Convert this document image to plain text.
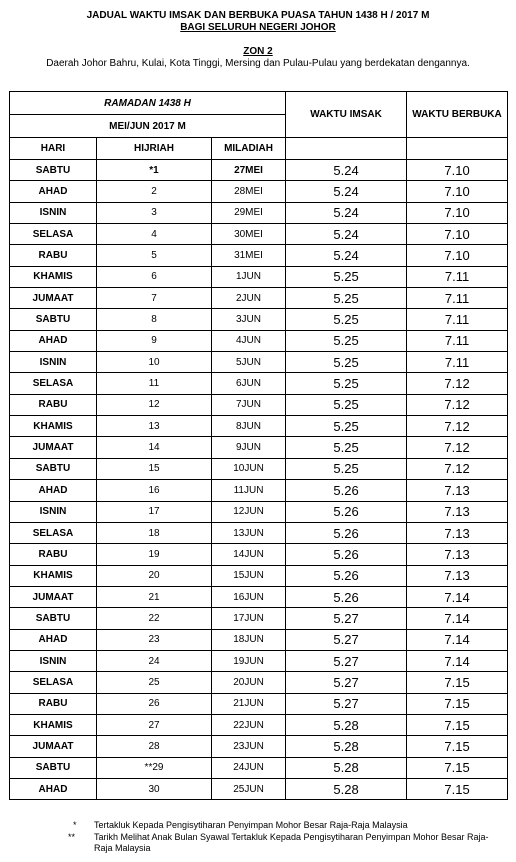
JADUAL WAKTU IMSAK DAN BERBUKA PUASA TAHUN 1438 H / 2017 M
BAGI SELURUH NEGERI JOHOR
ZON 2
Daerah Johor Bahru, Kulai, Kota Tinggi, Mersing dan Pulau-Pulau yang berdekatan dengannya.
RAMADAN 1438 H			WAKTU IMSAK	WAKTU BERBUKA
MEI/JUN 2017 M				
HARI	HIJRIAH	MILADIAH		
SABTU	*1	27MEI	5.24	7.10
AHAD	2	28MEI	5.24	7.10
ISNIN	3	29MEI	5.24	7.10
SELASA	4	30MEI	5.24	7.10
RABU	5	31MEI	5.24	7.10
KHAMIS	6	1JUN	5.25	7.11
JUMAAT	7	2JUN	5.25	7.11
SABTU	8	3JUN	5.25	7.11
AHAD	9	4JUN	5.25	7.11
ISNIN	10	5JUN	5.25	7.11
SELASA	11	6JUN	5.25	7.12
RABU	12	7JUN	5.25	7.12
KHAMIS	13	8JUN	5.25	7.12
JUMAAT	14	9JUN	5.25	7.12
SABTU	15	10JUN	5.25	7.12
AHAD	16	11JUN	5.26	7.13
ISNIN	17	12JUN	5.26	7.13
SELASA	18	13JUN	5.26	7.13
RABU	19	14JUN	5.26	7.13
KHAMIS	20	15JUN	5.26	7.13
JUMAAT	21	16JUN	5.26	7.14
SABTU	22	17JUN	5.27	7.14
AHAD	23	18JUN	5.27	7.14
ISNIN	24	19JUN	5.27	7.14
SELASA	25	20JUN	5.27	7.15
RABU	26	21JUN	5.27	7.15
KHAMIS	27	22JUN	5.28	7.15
JUMAAT	28	23JUN	5.28	7.15
SABTU	**29	24JUN	5.28	7.15
AHAD	30	25JUN	5.28	7.15
* Tertakluk Kepada Pengisytiharan Penyimpan Mohor Besar Raja-Raja Malaysia
** Tarikh Melihat Anak Bulan Syawal Tertakluk Kepada Pengisytiharan Penyimpan Mohor Besar Raja-Raja Malaysia
